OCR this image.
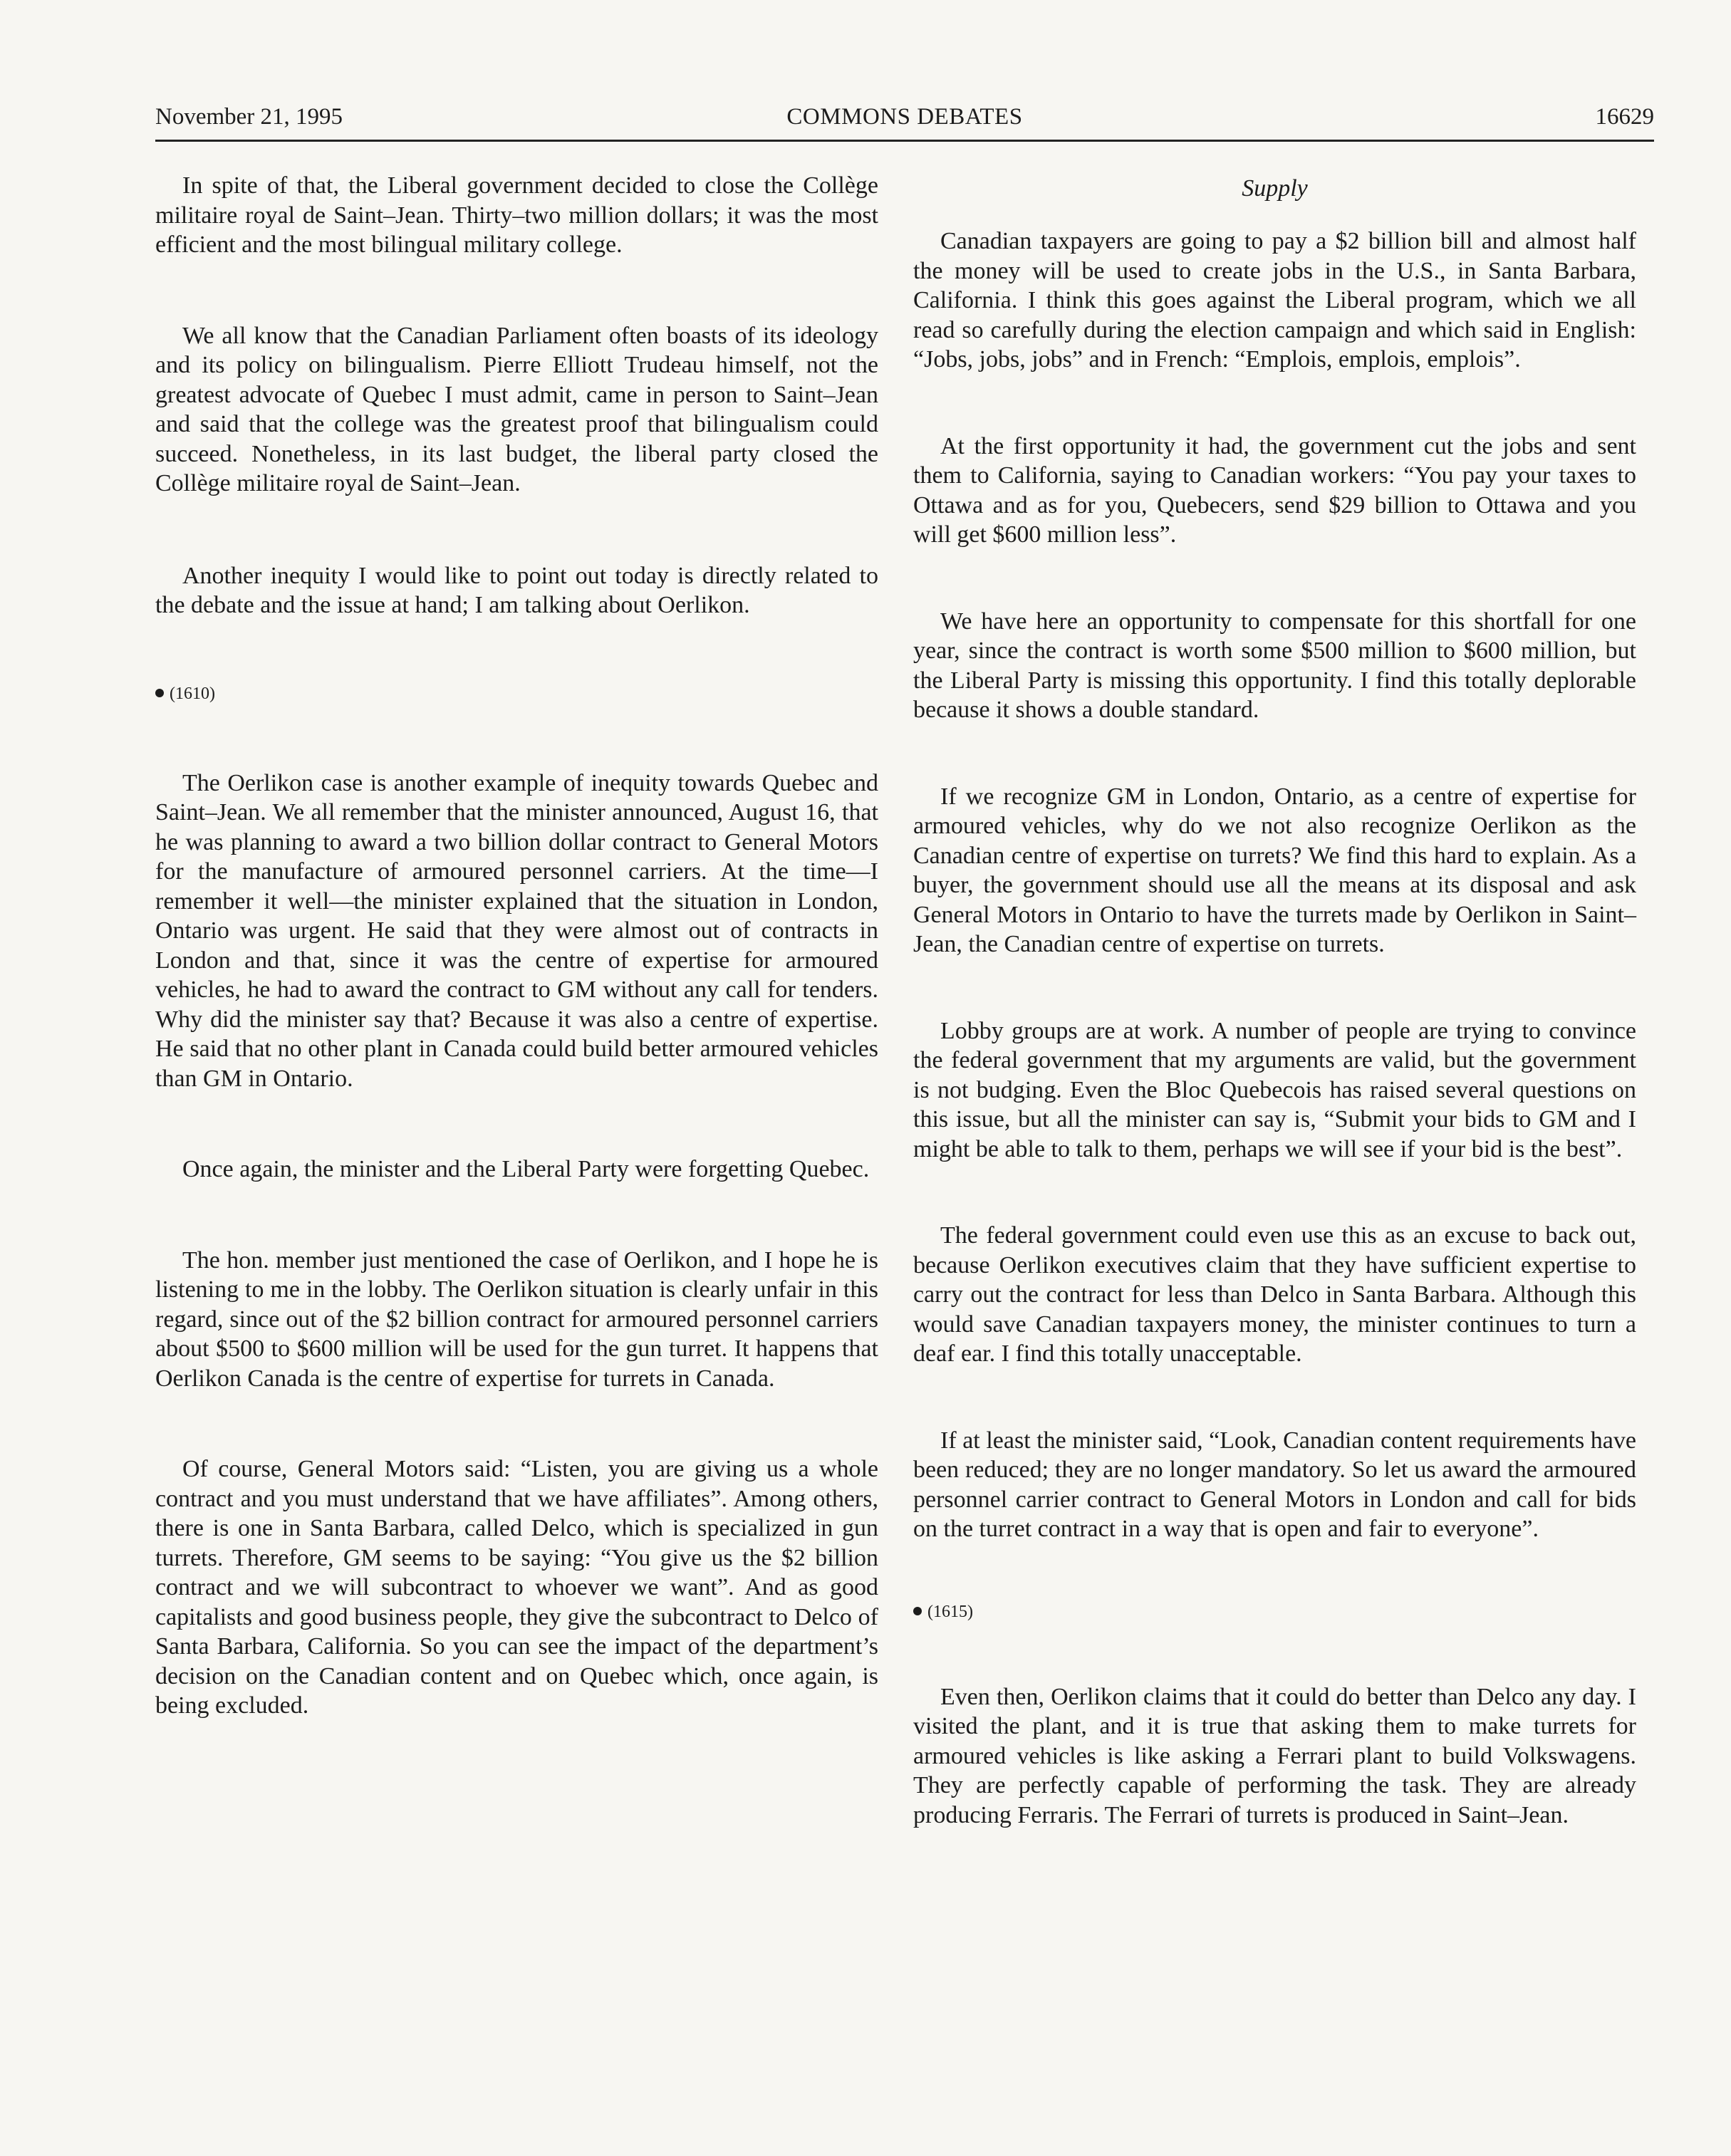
November 21, 1995	COMMONS DEBATES	16629

In spite of that, the Liberal government decided to close the Collège militaire royal de Saint–Jean. Thirty–two million dollars; it was the most efficient and the most bilingual military college.

We all know that the Canadian Parliament often boasts of its ideology and its policy on bilingualism. Pierre Elliott Trudeau himself, not the greatest advocate of Quebec I must admit, came in person to Saint–Jean and said that the college was the greatest proof that bilingualism could succeed. Nonetheless, in its last budget, the liberal party closed the Collège militaire royal de Saint–Jean.

Another inequity I would like to point out today is directly related to the debate and the issue at hand; I am talking about Oerlikon.

(1610)

The Oerlikon case is another example of inequity towards Quebec and Saint–Jean. We all remember that the minister announced, August 16, that he was planning to award a two billion dollar contract to General Motors for the manufacture of armoured personnel carriers. At the time—I remember it well—the minister explained that the situation in London, Ontario was urgent. He said that they were almost out of contracts in London and that, since it was the centre of expertise for armoured vehicles, he had to award the contract to GM without any call for tenders. Why did the minister say that? Because it was also a centre of expertise. He said that no other plant in Canada could build better armoured vehicles than GM in Ontario.

Once again, the minister and the Liberal Party were forgetting Quebec.

The hon. member just mentioned the case of Oerlikon, and I hope he is listening to me in the lobby. The Oerlikon situation is clearly unfair in this regard, since out of the $2 billion contract for armoured personnel carriers about $500 to $600 million will be used for the gun turret. It happens that Oerlikon Canada is the centre of expertise for turrets in Canada.

Of course, General Motors said: “Listen, you are giving us a whole contract and you must understand that we have affiliates”. Among others, there is one in Santa Barbara, called Delco, which is specialized in gun turrets. Therefore, GM seems to be saying: “You give us the $2 billion contract and we will subcontract to whoever we want”. And as good capitalists and good business people, they give the subcontract to Delco of Santa Barbara, California. So you can see the impact of the department’s decision on the Canadian content and on Quebec which, once again, is being excluded.

Supply

Canadian taxpayers are going to pay a $2 billion bill and almost half the money will be used to create jobs in the U.S., in Santa Barbara, California. I think this goes against the Liberal program, which we all read so carefully during the election campaign and which said in English: “Jobs, jobs, jobs” and in French: “Emplois, emplois, emplois”.

At the first opportunity it had, the government cut the jobs and sent them to California, saying to Canadian workers: “You pay your taxes to Ottawa and as for you, Quebecers, send $29 billion to Ottawa and you will get $600 million less”.

We have here an opportunity to compensate for this shortfall for one year, since the contract is worth some $500 million to $600 million, but the Liberal Party is missing this opportunity. I find this totally deplorable because it shows a double standard.

If we recognize GM in London, Ontario, as a centre of expertise for armoured vehicles, why do we not also recognize Oerlikon as the Canadian centre of expertise on turrets? We find this hard to explain. As a buyer, the government should use all the means at its disposal and ask General Motors in Ontario to have the turrets made by Oerlikon in Saint–Jean, the Canadian centre of expertise on turrets.

Lobby groups are at work. A number of people are trying to convince the federal government that my arguments are valid, but the government is not budging. Even the Bloc Quebecois has raised several questions on this issue, but all the minister can say is, “Submit your bids to GM and I might be able to talk to them, perhaps we will see if your bid is the best”.

The federal government could even use this as an excuse to back out, because Oerlikon executives claim that they have sufficient expertise to carry out the contract for less than Delco in Santa Barbara. Although this would save Canadian taxpayers money, the minister continues to turn a deaf ear. I find this totally unacceptable.

If at least the minister said, “Look, Canadian content requirements have been reduced; they are no longer mandatory. So let us award the armoured personnel carrier contract to General Motors in London and call for bids on the turret contract in a way that is open and fair to everyone”.

(1615)

Even then, Oerlikon claims that it could do better than Delco any day. I visited the plant, and it is true that asking them to make turrets for armoured vehicles is like asking a Ferrari plant to build Volkswagens. They are perfectly capable of performing the task. They are already producing Ferraris. The Ferrari of turrets is produced in Saint–Jean.
